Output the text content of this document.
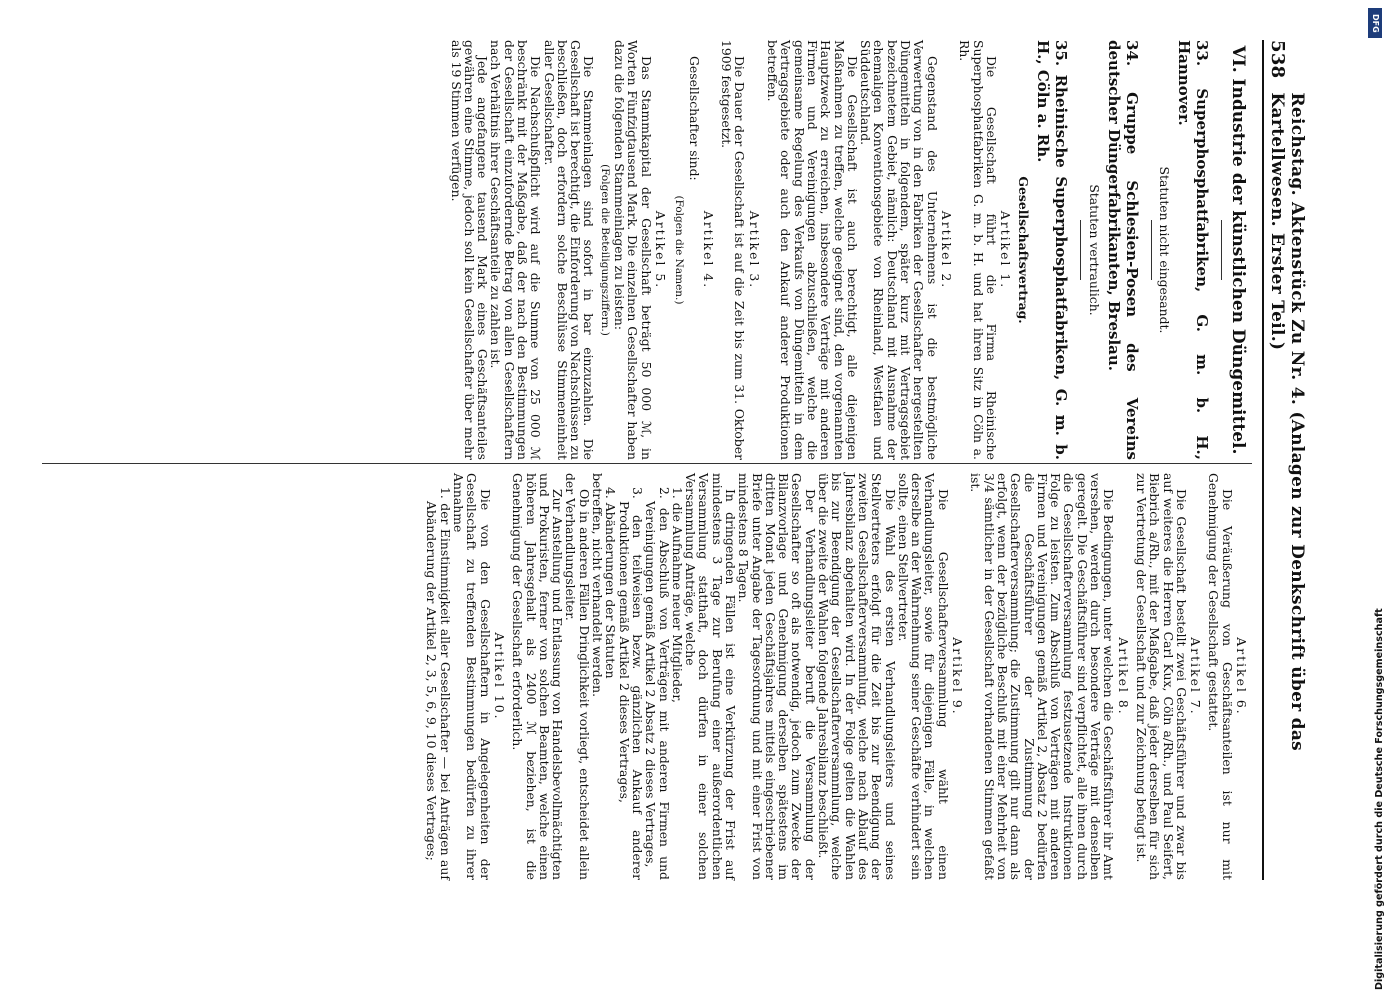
538
Reichstag. Aktenstück Zu Nr. 4. (Anlagen zur Denkschrift über das Kartellwesen. Erster Teil.)

VI. Industrie der künstlichen Düngemittel.

33. Superphosphatfabriken, G. m. b. H., Hannover.

Statuten nicht eingesandt.

34. Gruppe Schlesien-Posen des Vereins deutscher Düngerfabrikanten, Breslau.

Statuten vertraulich.

35. Rheinische Superphosphatfabriken, G. m. b. H., Cöln a. Rh.

Gesellschaftsvertrag.

Artikel 1.

Die Gesellschaft führt die Firma Rheinische Superphosphatfabriken G. m. b. H. und hat ihren Sitz in Cöln a. Rh.

Artikel 2.

Gegenstand des Unternehmens ist die bestmögliche Verwertung von in den Fabriken der Gesellschafter hergestellten Düngemitteln in folgendem, später kurz mit Vertragsgebiet bezeichnetem Gebiet, nämlich: Deutschland mit Ausnahme der ehemaligen Konventionsgebiete von Rheinland, Westfalen und Süddeutschland.

Die Gesellschaft ist auch berechtigt, alle diejenigen Maßnahmen zu treffen, welche geeignet sind, den vorgenannten Hauptzweck zu erreichen, insbesondere Verträge mit anderen Firmen und Vereinigungen abzuschließen, welche die gemeinsame Regelung des Verkaufs von Düngemitteln in dem Vertragsgebiete oder auch den Ankauf anderer Produktionen betreffen.

Artikel 3.

Die Dauer der Gesellschaft ist auf die Zeit bis zum 31. Oktober 1909 festgesetzt.

Artikel 4.

Gesellschafter sind:

(Folgen die Namen.)

Artikel 5.

Das Stammkapital der Gesellschaft beträgt 50 000 ℳ, in Worten Fünfzigtausend Mark. Die einzelnen Gesellschafter haben dazu die folgenden Stammeinlagen zu leisten:

(Folgen die Beteiligungsziffern.)

Die Stammeinlagen sind sofort in bar einzuzahlen. Die Gesellschaft ist berechtigt, die Einforderung von Nachschüssen zu beschließen, doch erfordern solche Beschlüsse Stimmeneinheit aller Gesellschafter.

Die Nachschußpflicht wird auf die Summe von 25 000 ℳ beschränkt mit der Maßgabe, daß der nach den Bestimmungen der Gesellschaft einzufordernde Betrag von allen Gesellschaftern nach Verhältnis ihrer Geschäftsanteile zu zahlen ist.

Jede angefangene tausend Mark eines Geschäftsanteiles gewähren eine Stimme, jedoch soll kein Gesellschafter über mehr als 19 Stimmen verfügen.

Artikel 6.

Die Veräußerung von Geschäftsanteilen ist nur mit Genehmigung der Gesellschaft gestattet.

Artikel 7.

Die Gesellschaft bestellt zwei Geschäftsführer und zwar bis auf weiteres die Herren Carl Kux, Cöln a/Rh., und Paul Seifert, Biebrich a/Rh., mit der Maßgabe, daß jeder derselben für sich zur Vertretung der Gesellschaft und zur Zeichnung befugt ist.

Artikel 8.

Die Bedingungen, unter welchen die Geschäftsführer ihr Amt versehen, werden durch besondere Verträge mit denselben geregelt. Die Geschäftsführer sind verpflichtet, alle ihnen durch die Gesellschafterversammlung festzusetzende Instruktionen Folge zu leisten. Zum Abschluß von Verträgen mit anderen Firmen und Vereinigungen gemäß Artikel 2, Absatz 2 bedürfen die Geschäftsführer der Zustimmung der Gesellschafterversammlung; die Zustimmung gilt nur dann als erfolgt, wenn der bezügliche Beschluß mit einer Mehrheit von 3/4 sämtlicher in der Gesellschaft vorhandenen Stimmen gefaßt ist.

Artikel 9.

Die Gesellschafterversammlung wählt einen Verhandlungsleiter, sowie für diejenigen Fälle, in welchen derselbe an der Wahrnehmung seiner Geschäfte verhindert sein sollte, einen Stellvertreter.

Die Wahl des ersten Verhandlungsleiters und seines Stellvertreters erfolgt für die Zeit bis zur Beendigung der zweiten Gesellschafterversammlung, welche nach Ablauf des Jahresbilanz abgehalten wird. In der Folge gelten die Wahlen bis zur Beendigung der Gesellschafterversammlung, welche über die zweite der Wahlen folgende Jahresbilanz beschließt.

Der Verhandlungsleiter beruft die Versammlung der Gesellschafter so oft als notwendig, jedoch zum Zwecke der Bilanzvorlage und Genehmigung derselben spätestens im dritten Monat jeden Geschäftsjahres mittels eingeschriebener Briefe unter Angabe der Tagesordnung und mit einer Frist von mindestens 8 Tagen.

In dringenden Fällen ist eine Verkürzung der Frist auf mindestens 3 Tage zur Berufung einer außerordentlichen Versammlung statthaft, doch dürfen in einer solchen Versammlung Anträge, welche

1. die Aufnahme neuer Mitglieder,

2. den Abschluß von Verträgen mit anderen Firmen und Vereinigungen gemäß Artikel 2 Absatz 2 dieses Vertrages,

3. den teilweisen bezw. gänzlichen Ankauf anderer Produktionen gemäß Artikel 2 dieses Vertrages,

4. Abänderungen der Statuten

betreffen, nicht verhandelt werden.

Ob in anderen Fällen Dringlichkeit vorliegt, entscheidet allein der Verhandlungsleiter.

Zur Anstellung und Entlassung von Handelsbevollmächtigten und Prokuristen, ferner von solchen Beamten, welche einen höheren Jahresgehalt als 2400 ℳ beziehen, ist die Genehmigung der Gesellschaft erforderlich.

Artikel 10.

Die von den Gesellschaftern in Angelegenheiten der Gesellschaft zu treffenden Bestimmungen bedürfen zu ihrer Annahme

1. der Einstimmigkeit aller Gesellschafter — bei Anträgen auf Abänderung der Artikel 2, 3, 5, 6, 9, 10 dieses Vertrages;

DFG
Digitalisierung gefördert durch die Deutsche Forschungsgemeinschaft
